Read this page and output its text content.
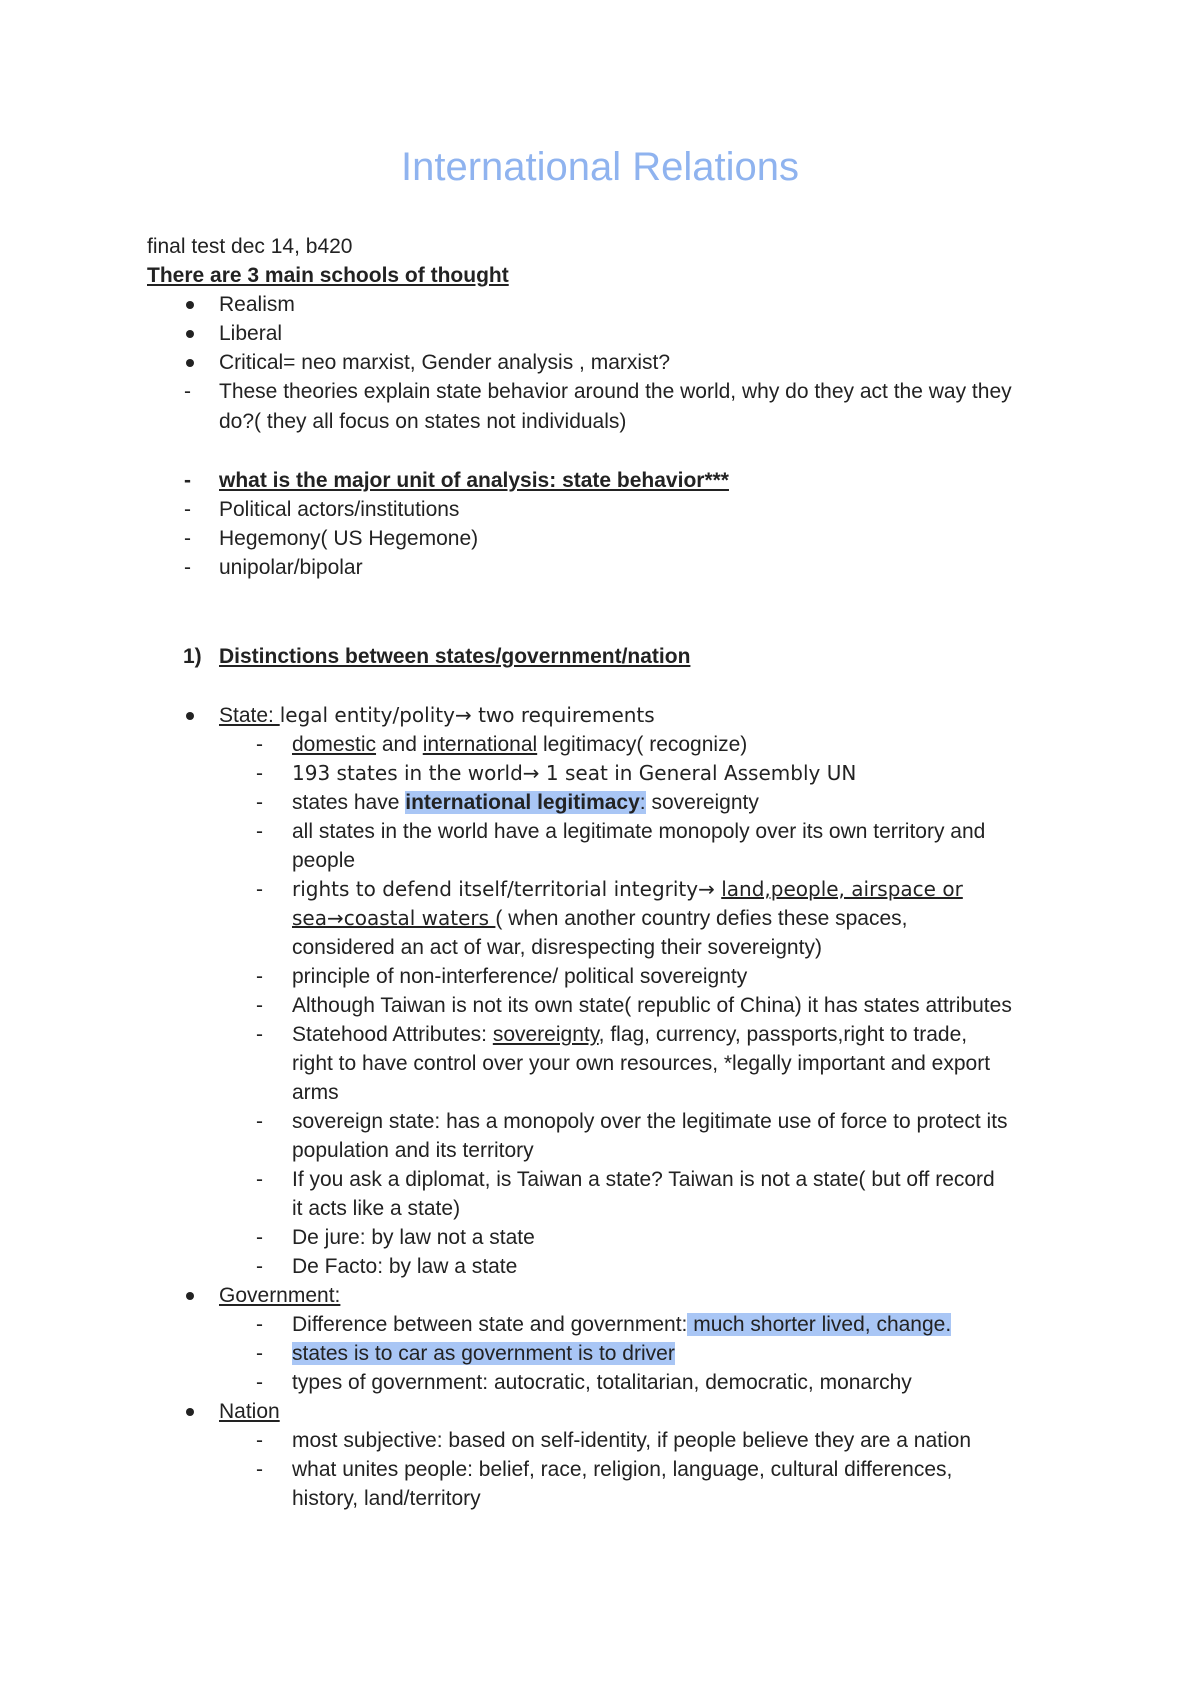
International Relations
final test dec 14, b420
There are 3 main schools of thought
Realism
Liberal
Critical= neo marxist, Gender analysis , marxist?
- These theories explain state behavior around the world, why do they act the way they
do?( they all focus on states not individuals)
- what is the major unit of analysis: state behavior***
- Political actors/institutions
- Hegemony( US Hegemone)
- unipolar/bipolar
1) Distinctions between states/government/nation
State: legal entity/polity→ two requirements
- domestic and international legitimacy( recognize)
- 193 states in the world→ 1 seat in General Assembly UN
- states have international legitimacy: sovereignty
- all states in the world have a legitimate monopoly over its own territory and
people
- rights to defend itself/territorial integrity→ land,people, airspace or
sea→coastal waters ( when another country defies these spaces,
considered an act of war, disrespecting their sovereignty)
- principle of non-interference/ political sovereignty
- Although Taiwan is not its own state( republic of China) it has states attributes
- Statehood Attributes: sovereignty, flag, currency, passports,right to trade,
right to have control over your own resources, *legally important and export
arms
- sovereign state: has a monopoly over the legitimate use of force to protect its
population and its territory
- If you ask a diplomat, is Taiwan a state? Taiwan is not a state( but off record
it acts like a state)
- De jure: by law not a state
- De Facto: by law a state
Government:
- Difference between state and government: much shorter lived, change.
- states is to car as government is to driver
- types of government: autocratic, totalitarian, democratic, monarchy
Nation
- most subjective: based on self-identity, if people believe they are a nation
- what unites people: belief, race, religion, language, cultural differences,
history, land/territory
